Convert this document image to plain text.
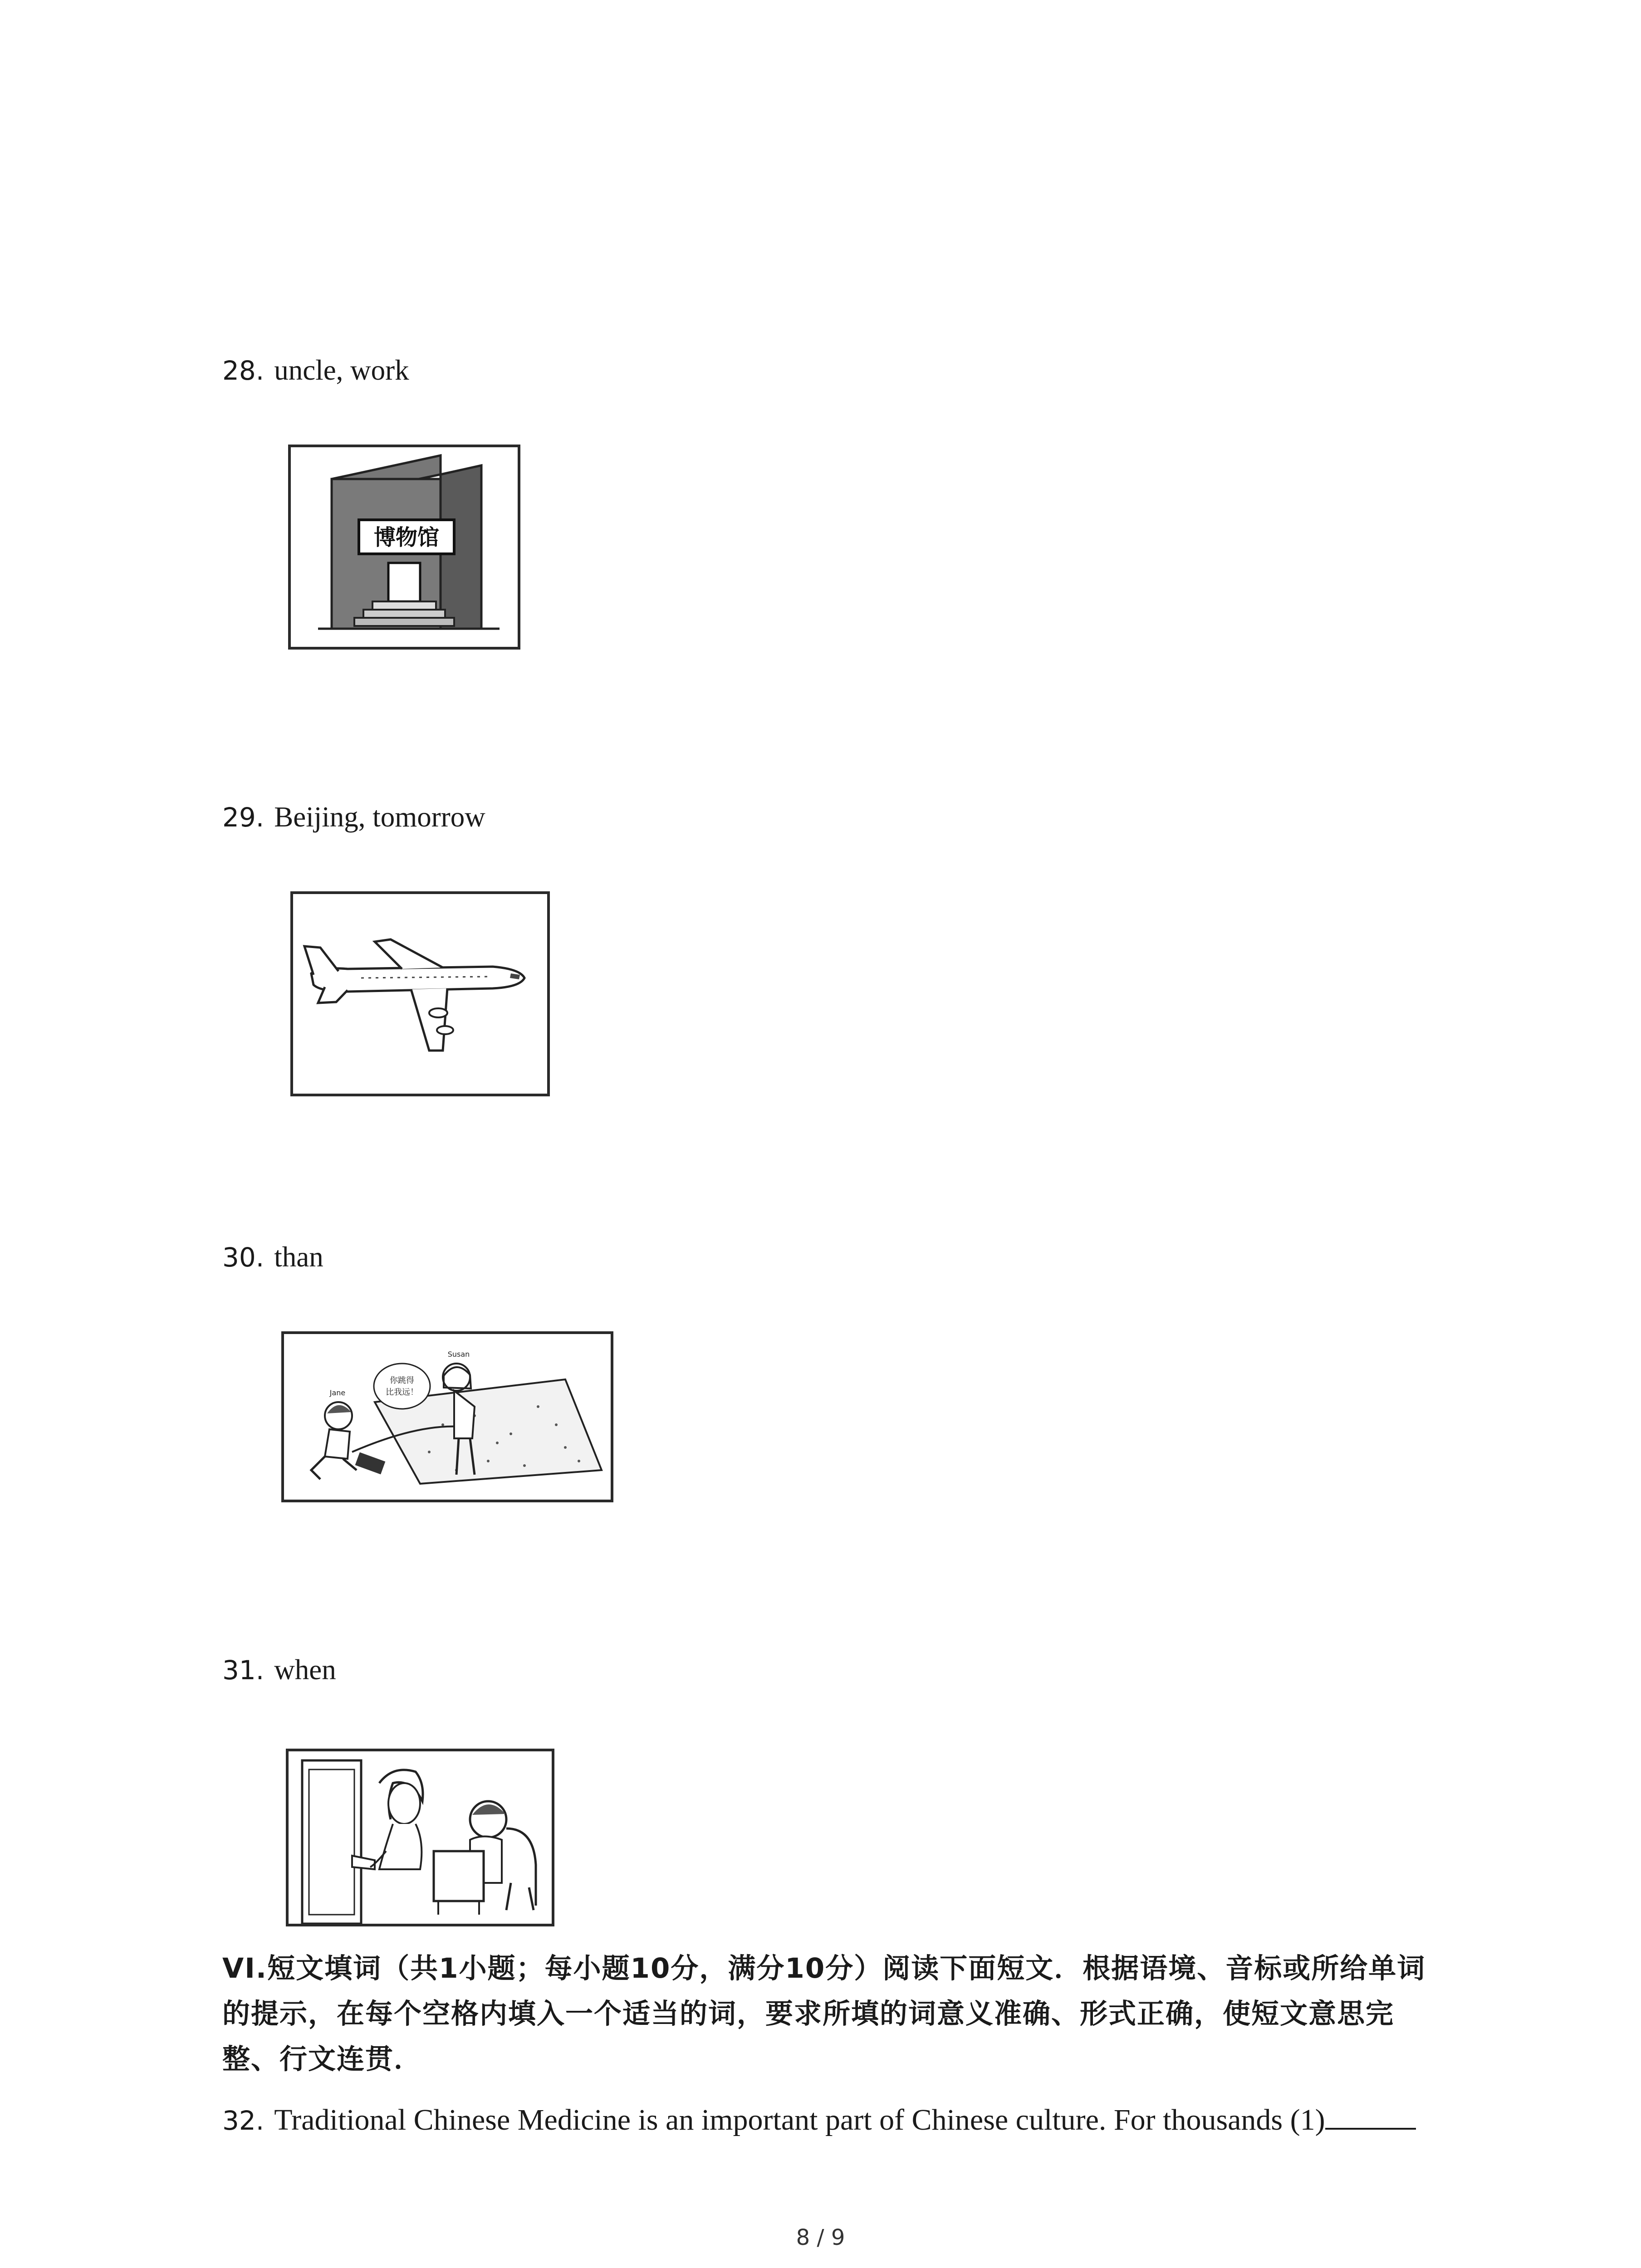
28. uncle, work
博物馆
29. Beijing, tomorrow
30. than
Jane
你跳得
比我远！
Susan
31. when
VI.短文填词（共1小题；每小题10分，满分10分）阅读下面短文．根据语境、音标或所给单词的提示，在每个空格内填入一个适当的词，要求所填的词意义准确、形式正确，使短文意思完整、行文连贯．
32. Traditional Chinese Medicine is an important part of Chinese culture. For thousands (1)
8 / 9
